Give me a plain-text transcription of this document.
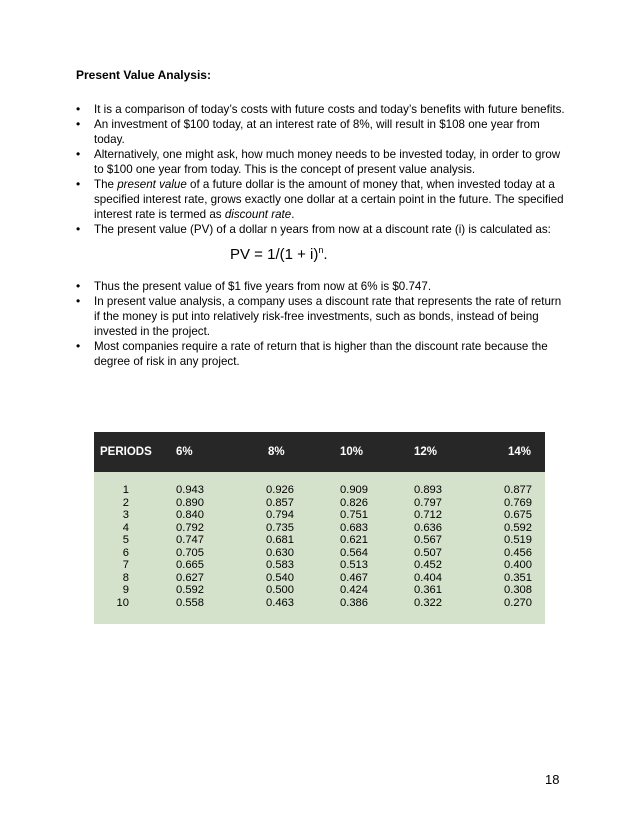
Present Value Analysis:
• It is a comparison of today’s costs with future costs and today’s benefits with future benefits.
• An investment of $100 today, at an interest rate of 8%, will result in $108 one year from today.
• Alternatively, one might ask, how much money needs to be invested today, in order to grow to $100 one year from today. This is the concept of present value analysis.
• The present value of a future dollar is the amount of money that, when invested today at a specified interest rate, grows exactly one dollar at a certain point in the future. The specified interest rate is termed as discount rate.
• The present value (PV) of a dollar n years from now at a discount rate (i) is calculated as:
PV = $1/(1 + i)^n$.
• Thus the present value of $1 five years from now at 6% is $0.747.
• In present value analysis, a company uses a discount rate that represents the rate of return if the money is put into relatively risk-free investments, such as bonds, instead of being invested in the project.
• Most companies require a rate of return that is higher than the discount rate because the degree of risk in any project.
PERIODS	6%	8%	10%	12%	14%
1	0.943	0.926	0.909	0.893	0.877
2	0.890	0.857	0.826	0.797	0.769
3	0.840	0.794	0.751	0.712	0.675
4	0.792	0.735	0.683	0.636	0.592
5	0.747	0.681	0.621	0.567	0.519
6	0.705	0.630	0.564	0.507	0.456
7	0.665	0.583	0.513	0.452	0.400
8	0.627	0.540	0.467	0.404	0.351
9	0.592	0.500	0.424	0.361	0.308
10	0.558	0.463	0.386	0.322	0.270
18
